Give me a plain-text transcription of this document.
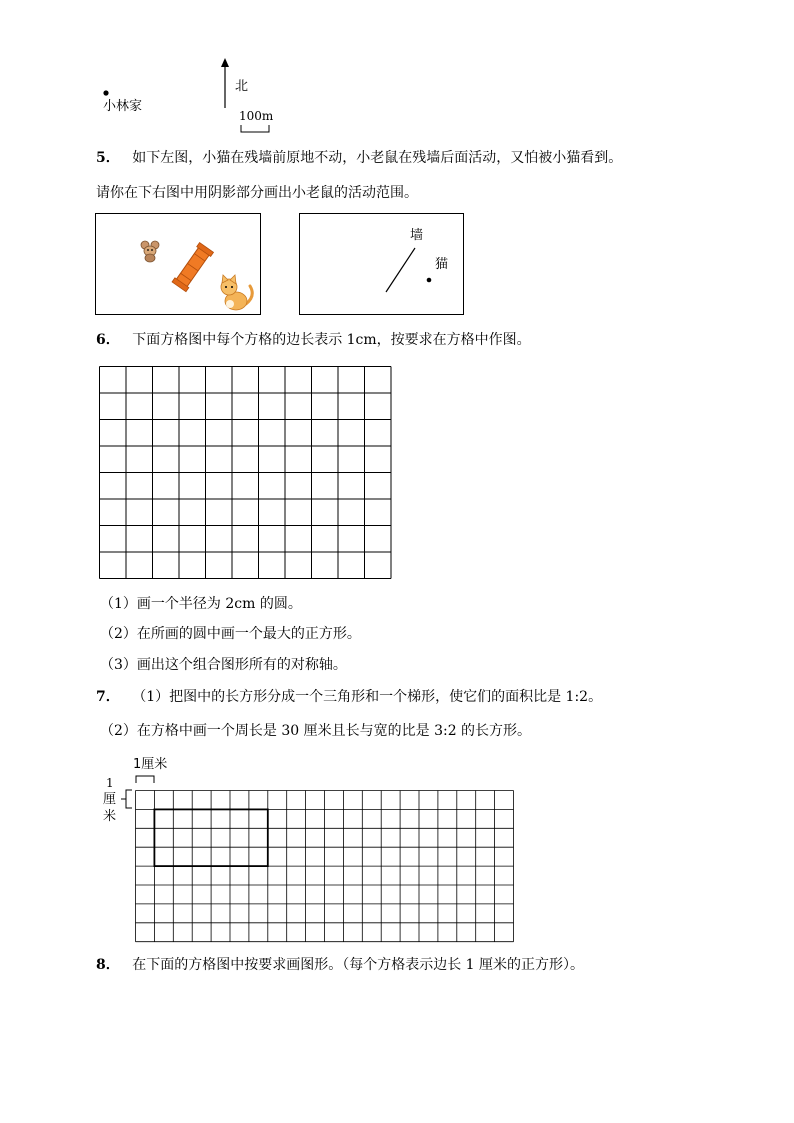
小林家
北
100m
5． 如下左图，小猫在残墙前原地不动，小老鼠在残墙后面活动，又怕被小猫看到。
请你在下右图中用阴影部分画出小老鼠的活动范围。
墙
猫
6． 下面方格图中每个方格的边长表示 1cm，按要求在方格中作图。
（1）画一个半径为 2cm 的圆。
（2）在所画的圆中画一个最大的正方形。
（3）画出这个组合图形所有的对称轴。
7． （1）把图中的长方形分成一个三角形和一个梯形，使它们的面积比是 1:2。
（2）在方格中画一个周长是 30 厘米且长与宽的比是 3:2 的长方形。
1厘米
1
厘
米
8． 在下面的方格图中按要求画图形。（每个方格表示边长 1 厘米的正方形）。
